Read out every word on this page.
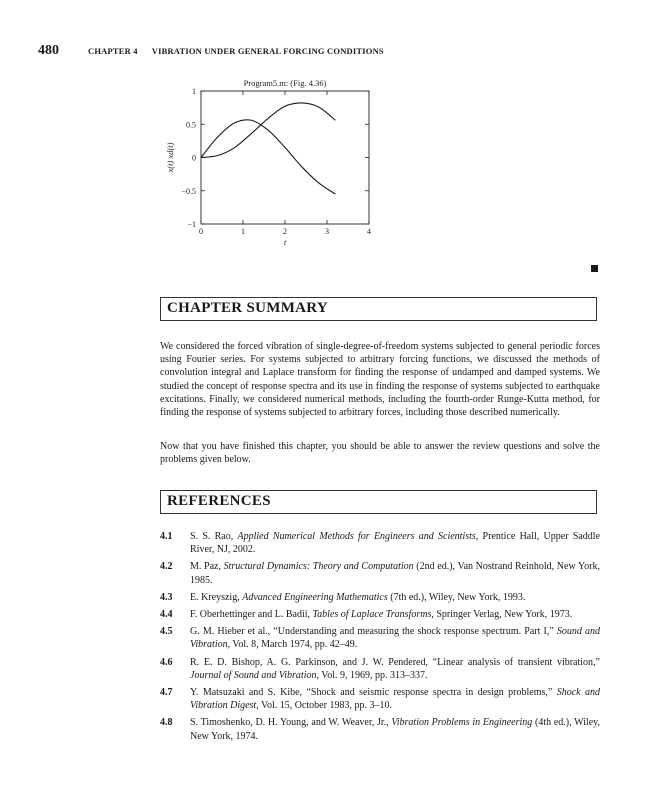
480	CHAPTER 4 VIBRATION UNDER GENERAL FORCING CONDITIONS
0	1	2	3	4
−1
−0.5
0
0.5
1
Program5.m: (Fig. 4.36)
t
x(t) xd(t)
CHAPTER SUMMARY

We considered the forced vibration of single-degree-of-freedom systems subjected to general periodic forces using Fourier series. For systems subjected to arbitrary forcing functions, we discussed the methods of convolution integral and Laplace transform for finding the response of undamped and damped systems. We studied the concept of response spectra and its use in finding the response of systems subjected to earthquake excitations. Finally, we considered numerical methods, including the fourth-order Runge-Kutta method, for finding the response of systems subjected to arbitrary forces, including those described numerically.

Now that you have finished this chapter, you should be able to answer the review questions and solve the problems given below.

REFERENCES
4.1 S. S. Rao, Applied Numerical Methods for Engineers and Scientists, Prentice Hall, Upper Saddle River, NJ, 2002.
4.2 M. Paz, Structural Dynamics: Theory and Computation (2nd ed.), Van Nostrand Reinhold, New York, 1985.
4.3 E. Kreyszig, Advanced Engineering Mathematics (7th ed.), Wiley, New York, 1993.
4.4 F. Oberhettinger and L. Badii, Tables of Laplace Transforms, Springer Verlag, New York, 1973.
4.5 G. M. Hieber et al., “Understanding and measuring the shock response spectrum. Part I,” Sound and Vibration, Vol. 8, March 1974, pp. 42–49.
4.6 R. E. D. Bishop, A. G. Parkinson, and J. W. Pendered, “Linear analysis of transient vibration,” Journal of Sound and Vibration, Vol. 9, 1969, pp. 313–337.
4.7 Y. Matsuzaki and S. Kibe, “Shock and seismic response spectra in design problems,” Shock and Vibration Digest, Vol. 15, October 1983, pp. 3–10.
4.8 S. Timoshenko, D. H. Young, and W. Weaver, Jr., Vibration Problems in Engineering (4th ed.), Wiley, New York, 1974.
